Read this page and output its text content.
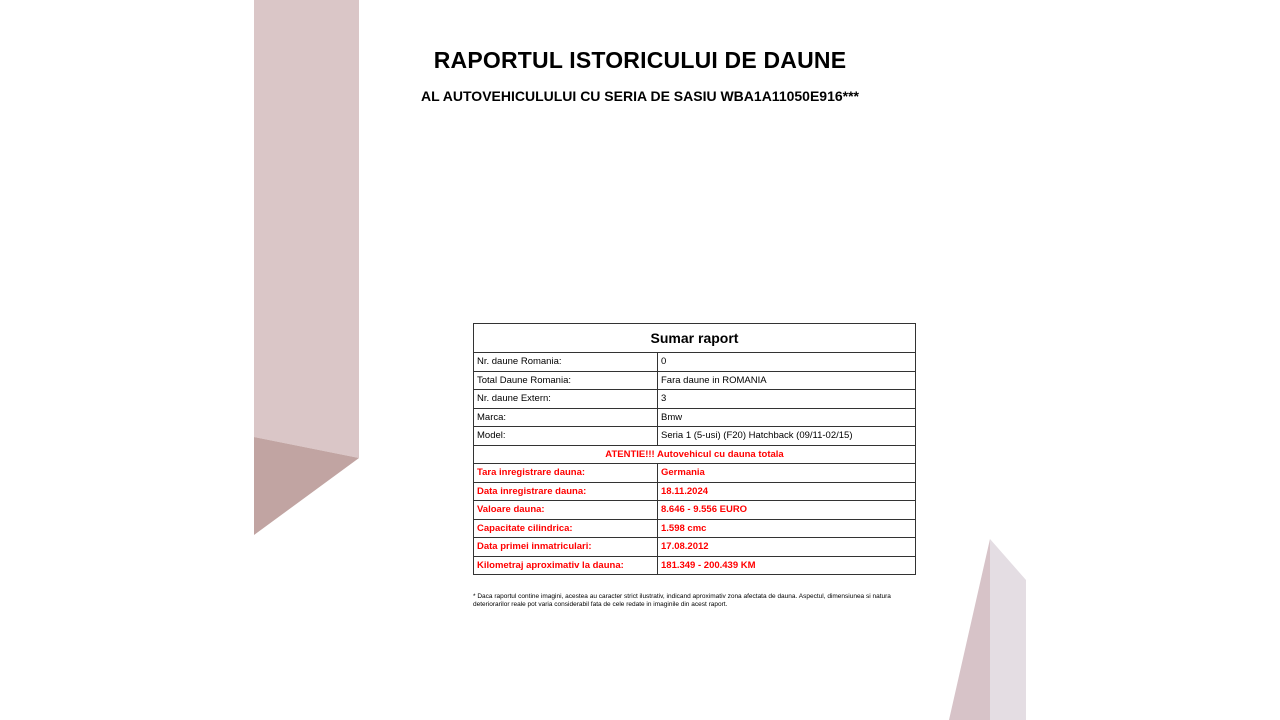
RAPORTUL ISTORICULUI DE DAUNE
AL AUTOVEHICULULUI CU SERIA DE SASIU WBA1A11050E916***
Sumar raport	
Nr. daune Romania:	0
Total Daune Romania:	Fara daune in ROMANIA
Nr. daune Extern:	3
Marca:	Bmw
Model:	Seria 1 (5-usi) (F20) Hatchback (09/11-02/15)
ATENTIE!!! Autovehicul cu dauna totala	
Tara inregistrare dauna:	Germania
Data inregistrare dauna:	18.11.2024
Valoare dauna:	8.646 - 9.556 EURO
Capacitate cilindrica:	1.598 cmc
Data primei inmatriculari:	17.08.2012
Kilometraj aproximativ la dauna:	181.349 - 200.439 KM
* Daca raportul contine imagini, acestea au caracter strict ilustrativ, indicand aproximativ zona afectata de dauna. Aspectul, dimensiunea si natura deteriorarilor reale pot varia considerabil fata de cele redate in imaginile din acest raport.
